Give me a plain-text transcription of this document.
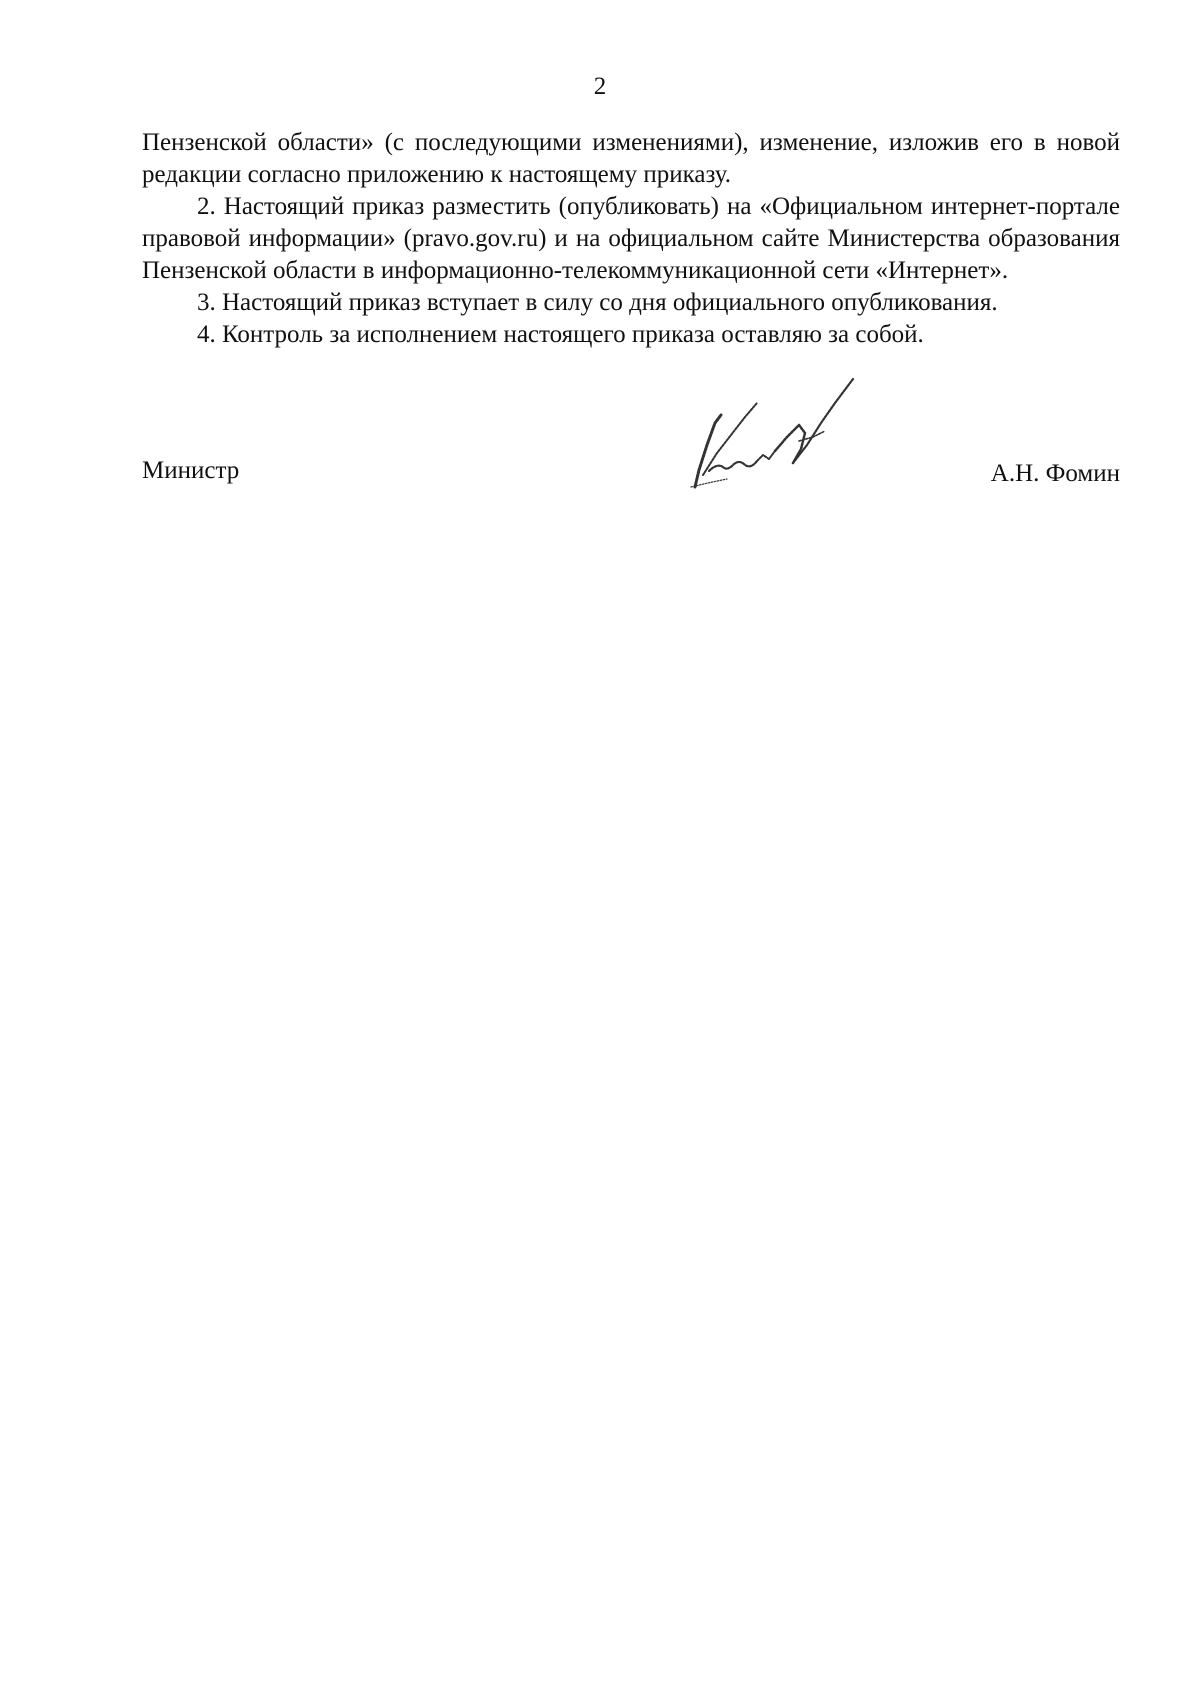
2

Пензенской области» (с последующими изменениями), изменение, изложив его в новой редакции согласно приложению к настоящему приказу.

2. Настоящий приказ разместить (опубликовать) на «Официальном интернет-портале правовой информации» (pravo.gov.ru) и на официальном сайте Министерства образования Пензенской области в информационно-телекоммуникационной сети «Интернет».

3. Настоящий приказ вступает в силу со дня официального опубликования.

4. Контроль за исполнением настоящего приказа оставляю за собой.

Министр	А.Н. Фомин
